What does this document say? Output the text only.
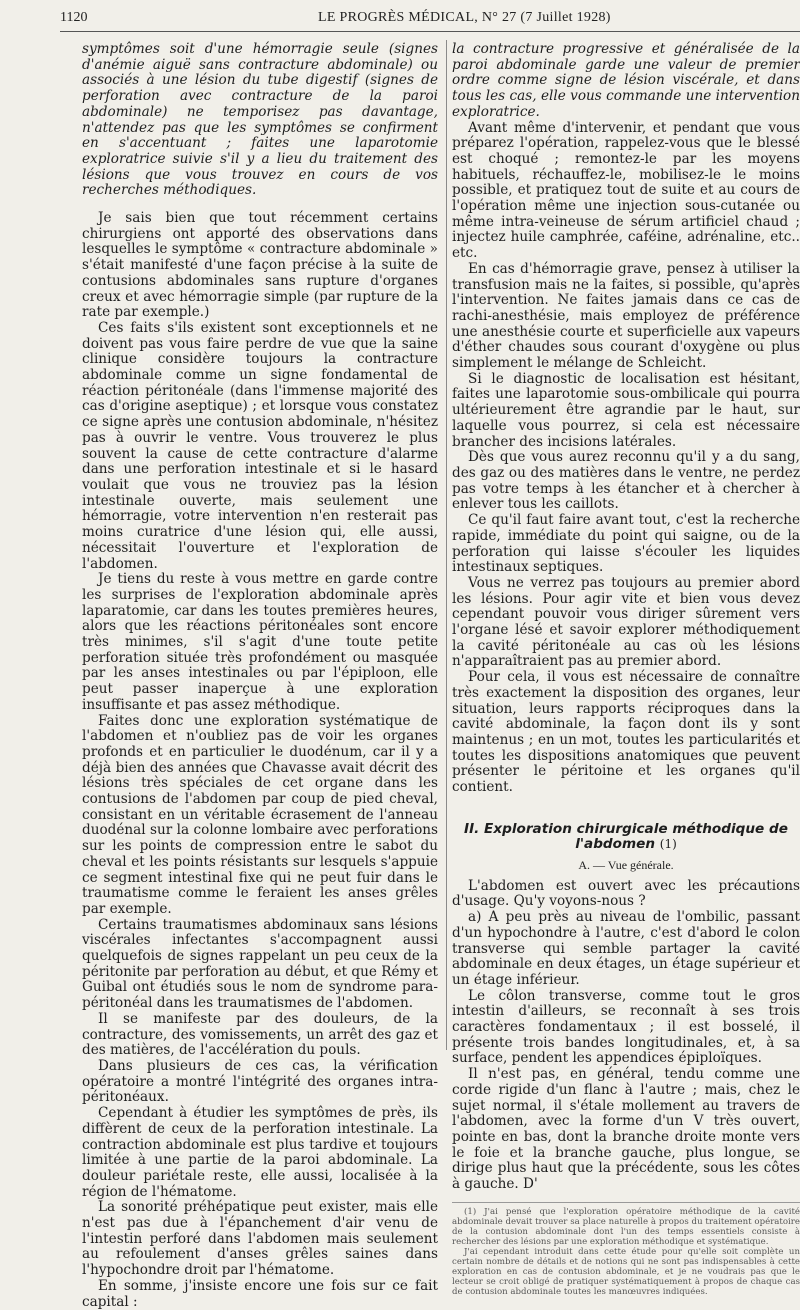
1120	LE PROGRÈS MÉDICAL, N° 27 (7 Juillet 1928)

symptômes soit d'une hémorragie seule (signes d'anémie aiguë sans contracture abdominale) ou associés à une lésion du tube digestif (signes de perforation avec contracture de la paroi abdominale) ne temporisez pas davantage, n'attendez pas que les symptômes se confirment en s'accentuant ; faites une laparotomie exploratrice suivie s'il y a lieu du traitement des lésions que vous trouvez en cours de vos recherches méthodiques.

Je sais bien que tout récemment certains chirurgiens ont apporté des observations dans lesquelles le symptôme « contracture abdominale » s'était manifesté d'une façon précise à la suite de contusions abdominales sans rupture d'organes creux et avec hémorragie simple (par rupture de la rate par exemple.)

Ces faits s'ils existent sont exceptionnels et ne doivent pas vous faire perdre de vue que la saine clinique considère toujours la contracture abdominale comme un signe fondamental de réaction péritonéale (dans l'immense majorité des cas d'origine aseptique) ; et lorsque vous constatez ce signe après une contusion abdominale, n'hésitez pas à ouvrir le ventre. Vous trouverez le plus souvent la cause de cette contracture d'alarme dans une perforation intestinale et si le hasard voulait que vous ne trouviez pas la lésion intestinale ouverte, mais seulement une hémorragie, votre intervention n'en resterait pas moins curatrice d'une lésion qui, elle aussi, nécessitait l'ouverture et l'exploration de l'abdomen.

Je tiens du reste à vous mettre en garde contre les surprises de l'exploration abdominale après laparatomie, car dans les toutes premières heures, alors que les réactions péritonéales sont encore très minimes, s'il s'agit d'une toute petite perforation située très profondément ou masquée par les anses intestinales ou par l'épiploon, elle peut passer inaperçue à une exploration insuffisante et pas assez méthodique.

Faites donc une exploration systématique de l'abdomen et n'oubliez pas de voir les organes profonds et en particulier le duodénum, car il y a déjà bien des années que Chavasse avait décrit des lésions très spéciales de cet organe dans les contusions de l'abdomen par coup de pied cheval, consistant en un véritable écrasement de l'anneau duodénal sur la colonne lombaire avec perforations sur les points de compression entre le sabot du cheval et les points résistants sur lesquels s'appuie ce segment intestinal fixe qui ne peut fuir dans le traumatisme comme le feraient les anses grêles par exemple.

Certains traumatismes abdominaux sans lésions viscérales infectantes s'accompagnent aussi quelquefois de signes rappelant un peu ceux de la péritonite par perforation au début, et que Rémy et Guibal ont étudiés sous le nom de syndrome para-péritonéal dans les traumatismes de l'abdomen.

Il se manifeste par des douleurs, de la contracture, des vomissements, un arrêt des gaz et des matières, de l'accélération du pouls.

Dans plusieurs de ces cas, la vérification opératoire a montré l'intégrité des organes intra-péritonéaux.

Cependant à étudier les symptômes de près, ils diffèrent de ceux de la perforation intestinale. La contraction abdominale est plus tardive et toujours limitée à une partie de la paroi abdominale. La douleur pariétale reste, elle aussi, localisée à la région de l'hématome.

La sonorité préhépatique peut exister, mais elle n'est pas due à l'épanchement d'air venu de l'intestin perforé dans l'abdomen mais seulement au refoulement d'anses grêles saines dans l'hypochondre droit par l'hématome.

En somme, j'insiste encore une fois sur ce fait capital :

la contracture progressive et généralisée de la paroi abdominale garde une valeur de premier ordre comme signe de lésion viscérale, et dans tous les cas, elle vous commande une intervention exploratrice.

Avant même d'intervenir, et pendant que vous préparez l'opération, rappelez-vous que le blessé est choqué ; remontez-le par les moyens habituels, réchauffez-le, mobilisez-le le moins possible, et pratiquez tout de suite et au cours de l'opération même une injection sous-cutanée ou même intra-veineuse de sérum artificiel chaud ; injectez huile camphrée, caféine, adrénaline, etc.. etc.

En cas d'hémorragie grave, pensez à utiliser la transfusion mais ne la faites, si possible, qu'après l'intervention. Ne faites jamais dans ce cas de rachi-anesthésie, mais employez de préférence une anesthésie courte et superficielle aux vapeurs d'éther chaudes sous courant d'oxygène ou plus simplement le mélange de Schleicht.

Si le diagnostic de localisation est hésitant, faites une laparotomie sous-ombilicale qui pourra ultérieurement être agrandie par le haut, sur laquelle vous pourrez, si cela est nécessaire brancher des incisions latérales.

Dès que vous aurez reconnu qu'il y a du sang, des gaz ou des matières dans le ventre, ne perdez pas votre temps à les étancher et à chercher à enlever tous les caillots.

Ce qu'il faut faire avant tout, c'est la recherche rapide, immédiate du point qui saigne, ou de la perforation qui laisse s'écouler les liquides intestinaux septiques.

Vous ne verrez pas toujours au premier abord les lésions. Pour agir vite et bien vous devez cependant pouvoir vous diriger sûrement vers l'organe lésé et savoir explorer méthodiquement la cavité péritonéale au cas où les lésions n'apparaîtraient pas au premier abord.

Pour cela, il vous est nécessaire de connaître très exactement la disposition des organes, leur situation, leurs rapports réciproques dans la cavité abdominale, la façon dont ils y sont maintenus ; en un mot, toutes les particularités et toutes les dispositions anatomiques que peuvent présenter le péritoine et les organes qu'il contient.

II. Exploration chirurgicale méthodique de l'abdomen (1)
A. — Vue générale.

L'abdomen est ouvert avec les précautions d'usage. Qu'y voyons-nous ?

a) A peu près au niveau de l'ombilic, passant d'un hypochondre à l'autre, c'est d'abord le colon transverse qui semble partager la cavité abdominale en deux étages, un étage supérieur et un étage inférieur.

Le côlon transverse, comme tout le gros intestin d'ailleurs, se reconnaît à ses trois caractères fondamentaux ; il est bosselé, il présente trois bandes longitudinales, et, à sa surface, pendent les appendices épiploïques.

Il n'est pas, en général, tendu comme une corde rigide d'un flanc à l'autre ; mais, chez le sujet normal, il s'étale mollement au travers de l'abdomen, avec la forme d'un V très ouvert, pointe en bas, dont la branche droite monte vers le foie et la branche gauche, plus longue, se dirige plus haut que la précédente, sous les côtes à gauche. D'

(1) J'ai pensé que l'exploration opératoire méthodique de la cavité abdominale devait trouver sa place naturelle à propos du traitement opératoire de la contusion abdominale dont l'un des temps essentiels consiste à rechercher des lésions par une exploration méthodique et systématique.

J'ai cependant introduit dans cette étude pour qu'elle soit complète un certain nombre de détails et de notions qui ne sont pas indispensables à cette exploration en cas de contusion abdominale, et je ne voudrais pas que le lecteur se croit obligé de pratiquer systématiquement à propos de chaque cas de contusion abdominale toutes les manœuvres indiquées.
